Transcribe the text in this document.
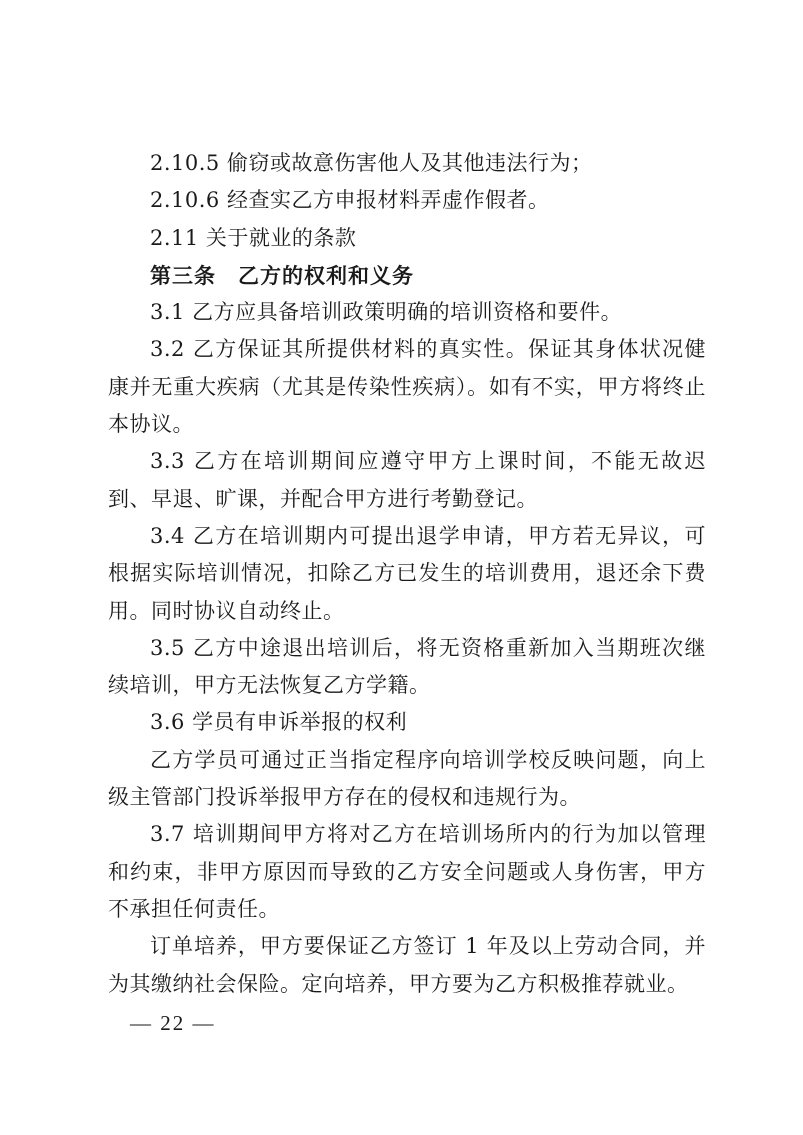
2.10.5 偷窃或故意伤害他人及其他违法行为；

2.10.6 经查实乙方申报材料弄虚作假者。

2.11 关于就业的条款

第三条　乙方的权利和义务

3.1 乙方应具备培训政策明确的培训资格和要件。

3.2 乙方保证其所提供材料的真实性。保证其身体状况健康并无重大疾病（尤其是传染性疾病）。如有不实，甲方将终止本协议。

3.3 乙方在培训期间应遵守甲方上课时间，不能无故迟到、早退、旷课，并配合甲方进行考勤登记。

3.4 乙方在培训期内可提出退学申请，甲方若无异议，可根据实际培训情况，扣除乙方已发生的培训费用，退还余下费用。同时协议自动终止。

3.5 乙方中途退出培训后，将无资格重新加入当期班次继续培训，甲方无法恢复乙方学籍。

3.6 学员有申诉举报的权利

乙方学员可通过正当指定程序向培训学校反映问题，向上级主管部门投诉举报甲方存在的侵权和违规行为。

3.7 培训期间甲方将对乙方在培训场所内的行为加以管理和约束，非甲方原因而导致的乙方安全问题或人身伤害，甲方不承担任何责任。

订单培养，甲方要保证乙方签订 1 年及以上劳动合同，并为其缴纳社会保险。定向培养，甲方要为乙方积极推荐就业。

— 22 —
